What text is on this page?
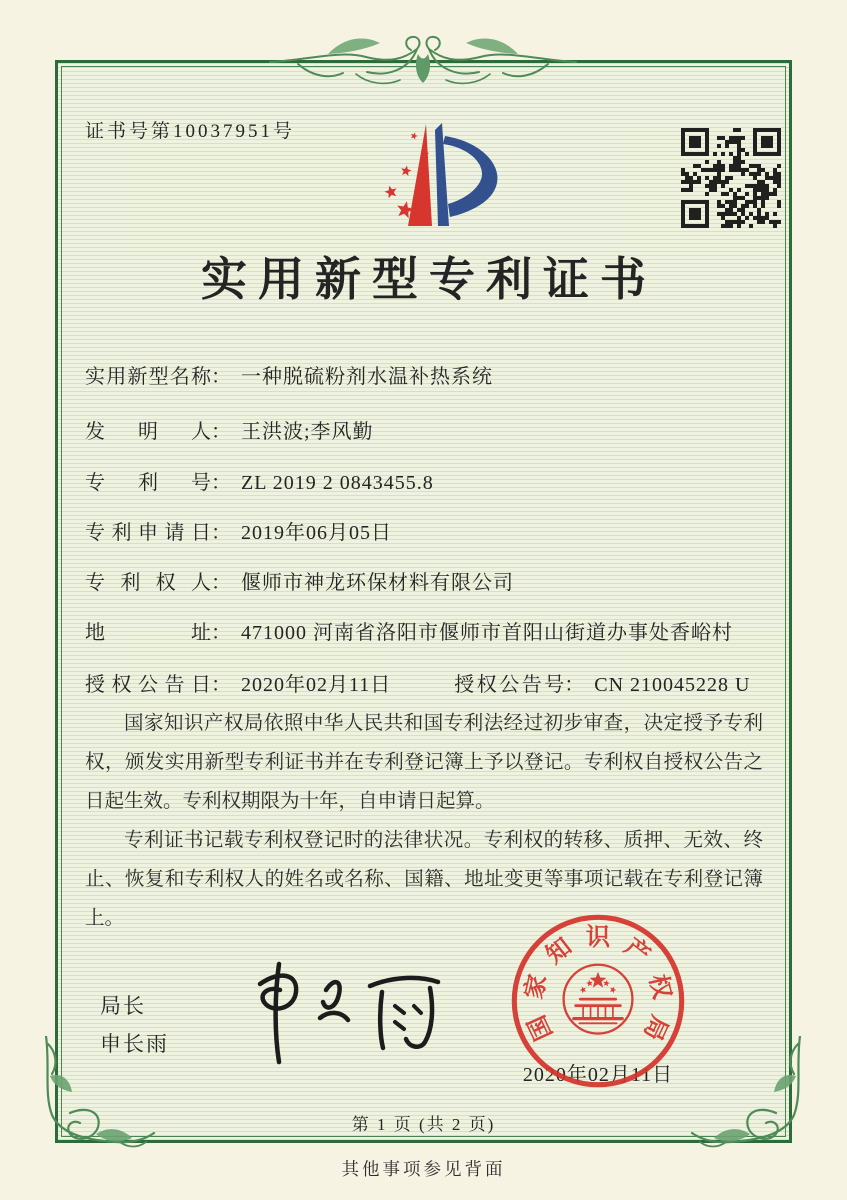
证书号第10037951号
实用新型专利证书
实用新型名称： 一种脱硫粉剂水温补热系统
发明人： 王洪波;李风勤
专利号： ZL 2019 2 0843455.8
专利申请日： 2019年06月05日
专利权人： 偃师市神龙环保材料有限公司
地址： 471000 河南省洛阳市偃师市首阳山街道办事处香峪村
授权公告日： 2020年02月11日	授权公告号： CN 210045228 U

国家知识产权局依照中华人民共和国专利法经过初步审查，决定授予专利权，颁发实用新型专利证书并在专利登记簿上予以登记。专利权自授权公告之日起生效。专利权期限为十年，自申请日起算。

专利证书记载专利权登记时的法律状况。专利权的转移、质押、无效、终止、恢复和专利权人的姓名或名称、国籍、地址变更等事项记载在专利登记簿上。

局长
申长雨	国
家
知 识 产
权
局
2020年02月11日
第 1 页 (共 2 页)
其他事项参见背面
